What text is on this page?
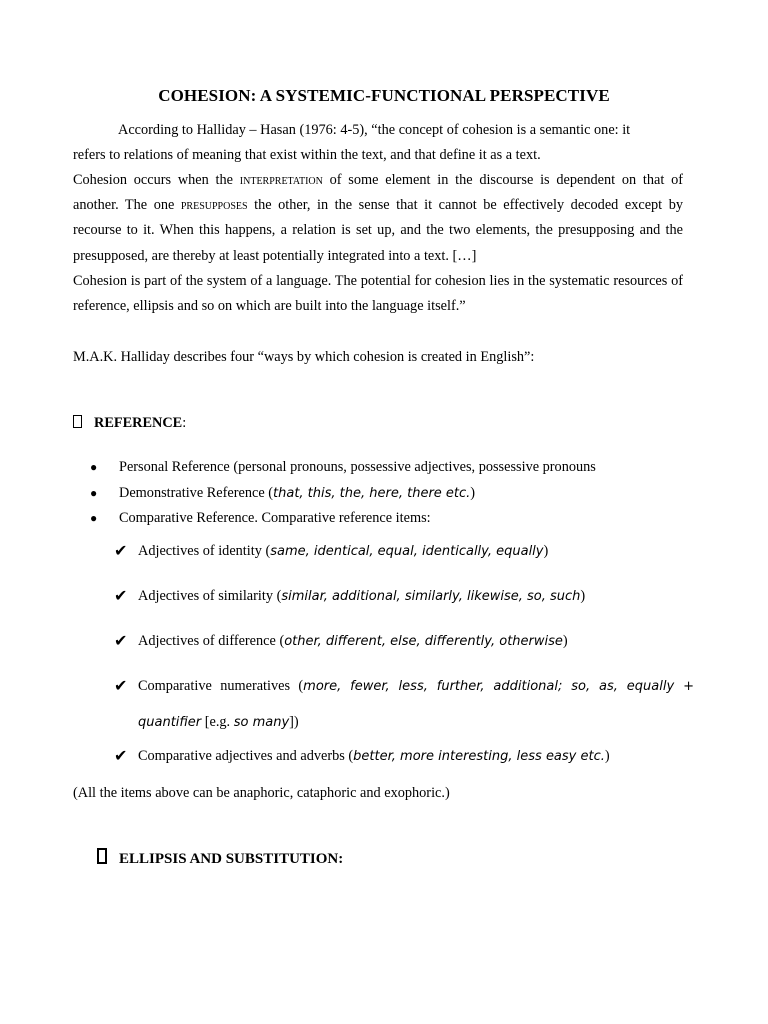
COHESION: A SYSTEMIC-FUNCTIONAL PERSPECTIVE
According to Halliday – Hasan (1976: 4-5), “the concept of cohesion is a semantic one: it
refers to relations of meaning that exist within the text, and that define it as a text.
Cohesion occurs when the interpretation of some element in the discourse is dependent on that of another. The one presupposes the other, in the sense that it cannot be effectively decoded except by recourse to it. When this happens, a relation is set up, and the two elements, the presupposing and the presupposed, are thereby at least potentially integrated into a text. […]
Cohesion is part of the system of a language. The potential for cohesion lies in the systematic resources of reference, ellipsis and so on which are built into the language itself.”
M.A.K. Halliday describes four “ways by which cohesion is created in English”:
REFERENCE:
● Personal Reference (personal pronouns, possessive adjectives, possessive pronouns
● Demonstrative Reference (that, this, the, here, there etc.)
● Comparative Reference. Comparative reference items:
✔ Adjectives of identity (same, identical, equal, identically, equally)
✔ Adjectives of similarity (similar, additional, similarly, likewise, so, such)
✔ Adjectives of difference (other, different, else, differently, otherwise)
✔ Comparative numeratives (more, fewer, less, further, additional; so, as, equally +
quantifier [e.g. so many])
✔ Comparative adjectives and adverbs (better, more interesting, less easy etc.)
(All the items above can be anaphoric, cataphoric and exophoric.)
ELLIPSIS AND SUBSTITUTION:
